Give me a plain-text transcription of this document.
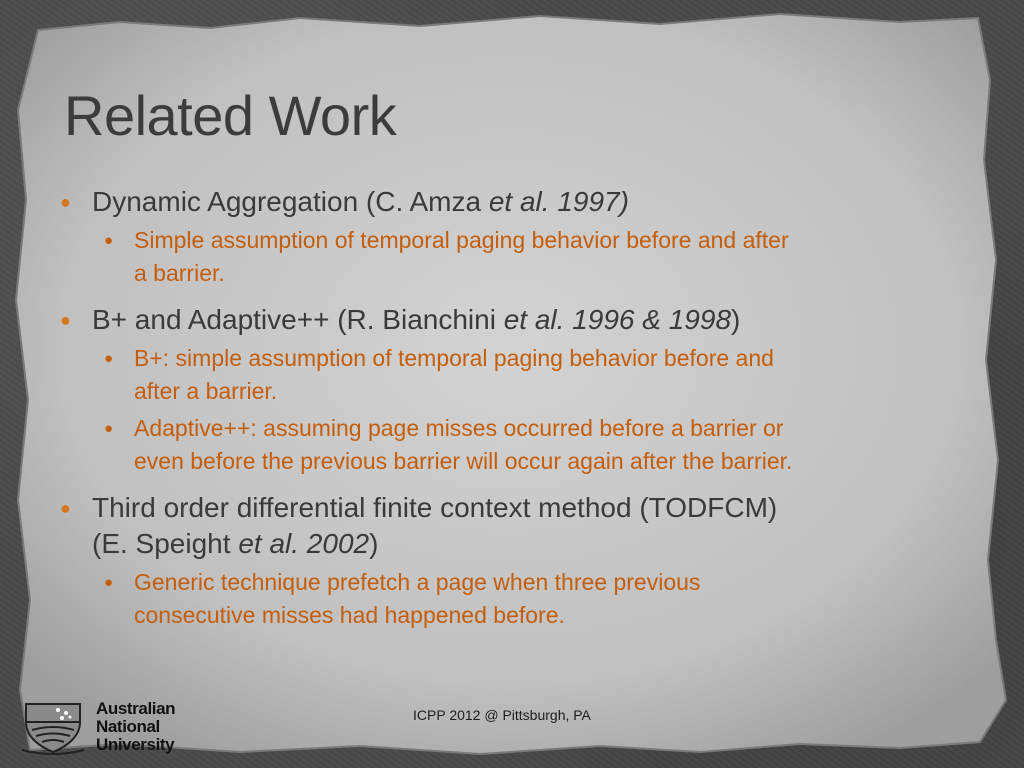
Related Work
● Dynamic Aggregation (C. Amza et al. 1997)
● Simple assumption of temporal paging behavior before and after
a barrier.
● B+ and Adaptive++ (R. Bianchini et al. 1996 & 1998)
● B+: simple assumption of temporal paging behavior before and
after a barrier.
● Adaptive++: assuming page misses occurred before a barrier or
even before the previous barrier will occur again after the barrier.
● Third order differential finite context method (TODFCM)
(E. Speight et al. 2002)
● Generic technique prefetch a page when three previous
consecutive misses had happened before.
Australian
National
University
ICPP 2012 @ Pittsburgh, PA
